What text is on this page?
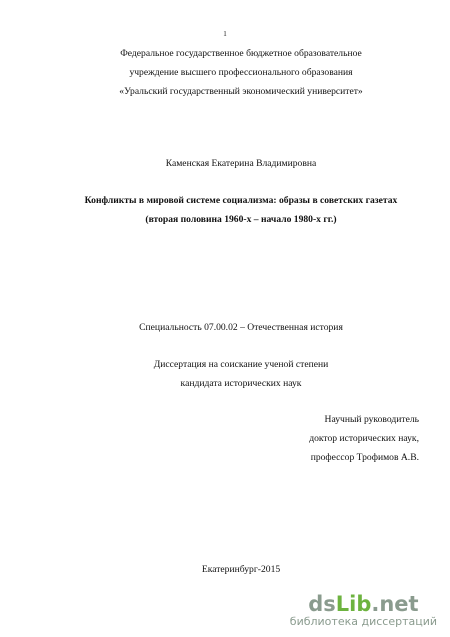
1
Федеральное государственное бюджетное образовательное
учреждение высшего профессионального образования
«Уральский государственный экономический университет»
Каменская Екатерина Владимировна
Конфликты в мировой системе социализма: образы в советских газетах
(вторая половина 1960-х – начало 1980-х гг.)
Специальность 07.00.02 – Отечественная история
Диссертация на соискание ученой степени
кандидата исторических наук
Научный руководитель
доктор исторических наук,
профессор Трофимов А.В.
Екатеринбург-2015
dsLib.net
библиотека диссертаций
